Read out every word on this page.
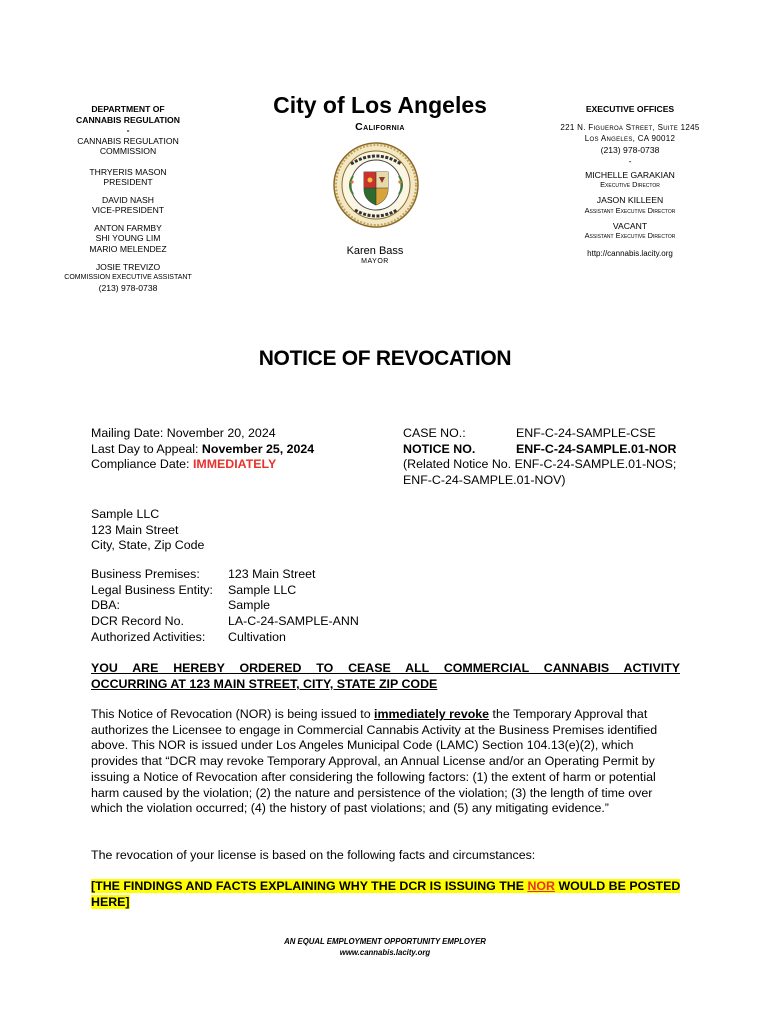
DEPARTMENT OF
CANNABIS REGULATION
-
CANNABIS REGULATION
COMMISSION
THRYERIS MASON
PRESIDENT
DAVID NASH
VICE-PRESIDENT
ANTON FARMBY
SHI YOUNG LIM
MARIO MELENDEZ
JOSIE TREVIZO
COMMISSION EXECUTIVE ASSISTANT
(213) 978-0738
City of Los Angeles
California
Karen Bass
MAYOR
EXECUTIVE OFFICES
221 N. Figueroa Street, Suite 1245
Los Angeles, CA 90012
(213) 978-0738
-
MICHELLE GARAKIAN
Executive Director
JASON KILLEEN
Assistant Executive Director
VACANT
Assistant Executive Director
http://cannabis.lacity.org
NOTICE OF REVOCATION
Mailing Date: November 20, 2024
Last Day to Appeal: November 25, 2024
Compliance Date: IMMEDIATELY
CASE NO.:	ENF-C-24-SAMPLE-CSE
NOTICE NO.	ENF-C-24-SAMPLE.01-NOR
(Related Notice No. ENF-C-24-SAMPLE.01-NOS;
ENF-C-24-SAMPLE.01-NOV)
Sample LLC
123 Main Street
City, State, Zip Code
Business Premises:	123 Main Street
Legal Business Entity:	Sample LLC
DBA:	Sample
DCR Record No.	LA-C-24-SAMPLE-ANN
Authorized Activities:	Cultivation
YOU ARE HEREBY ORDERED TO CEASE ALL COMMERCIAL CANNABIS ACTIVITY
OCCURRING AT 123 MAIN STREET, CITY, STATE ZIP CODE
This Notice of Revocation (NOR) is being issued to immediately revoke the Temporary Approval that authorizes the Licensee to engage in Commercial Cannabis Activity at the Business Premises identified above. This NOR is issued under Los Angeles Municipal Code (LAMC) Section 104.13(e)(2), which provides that “DCR may revoke Temporary Approval, an Annual License and/or an Operating Permit by issuing a Notice of Revocation after considering the following factors: (1) the extent of harm or potential harm caused by the violation; (2) the nature and persistence of the violation; (3) the length of time over which the violation occurred; (4) the history of past violations; and (5) any mitigating evidence.”
The revocation of your license is based on the following facts and circumstances:
[THE FINDINGS AND FACTS EXPLAINING WHY THE DCR IS ISSUING THE NOR WOULD BE POSTED HERE]
AN EQUAL EMPLOYMENT OPPORTUNITY EMPLOYER
www.cannabis.lacity.org
